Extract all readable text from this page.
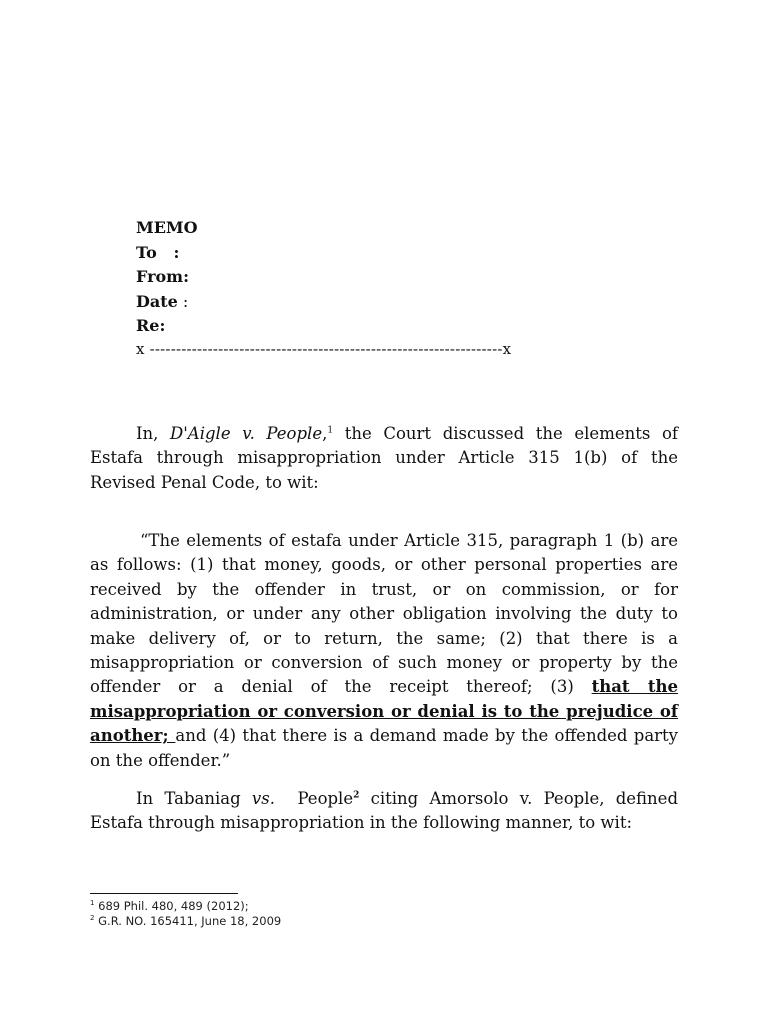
MEMO
To   :
From:
Date :
Re:
x -------------------------------------------------------------------x
In, D'Aigle v. People,$^1$ the Court discussed the elements of Estafa through misappropriation under Article 315 1(b) of the Revised Penal Code, to wit:
“The elements of estafa under Article 315, paragraph 1 (b) are as follows: (1) that money, goods, or other personal properties are received by the offender in trust, or on commission, or for administration, or under any other obligation involving the duty to make delivery of, or to return, the same; (2) that there is a misappropriation or conversion of such money or property by the offender or a denial of the receipt thereof; (3) that the misappropriation or conversion or denial is to the prejudice of another; and (4) that there is a demand made by the offended party on the offender.”
In Tabaniag vs.  People$^2$ citing Amorsolo v. People, defined Estafa through misappropriation in the following manner, to wit:
$^1$ 689 Phil. 480, 489 (2012);
$^2$ G.R. NO. 165411, June 18, 2009
